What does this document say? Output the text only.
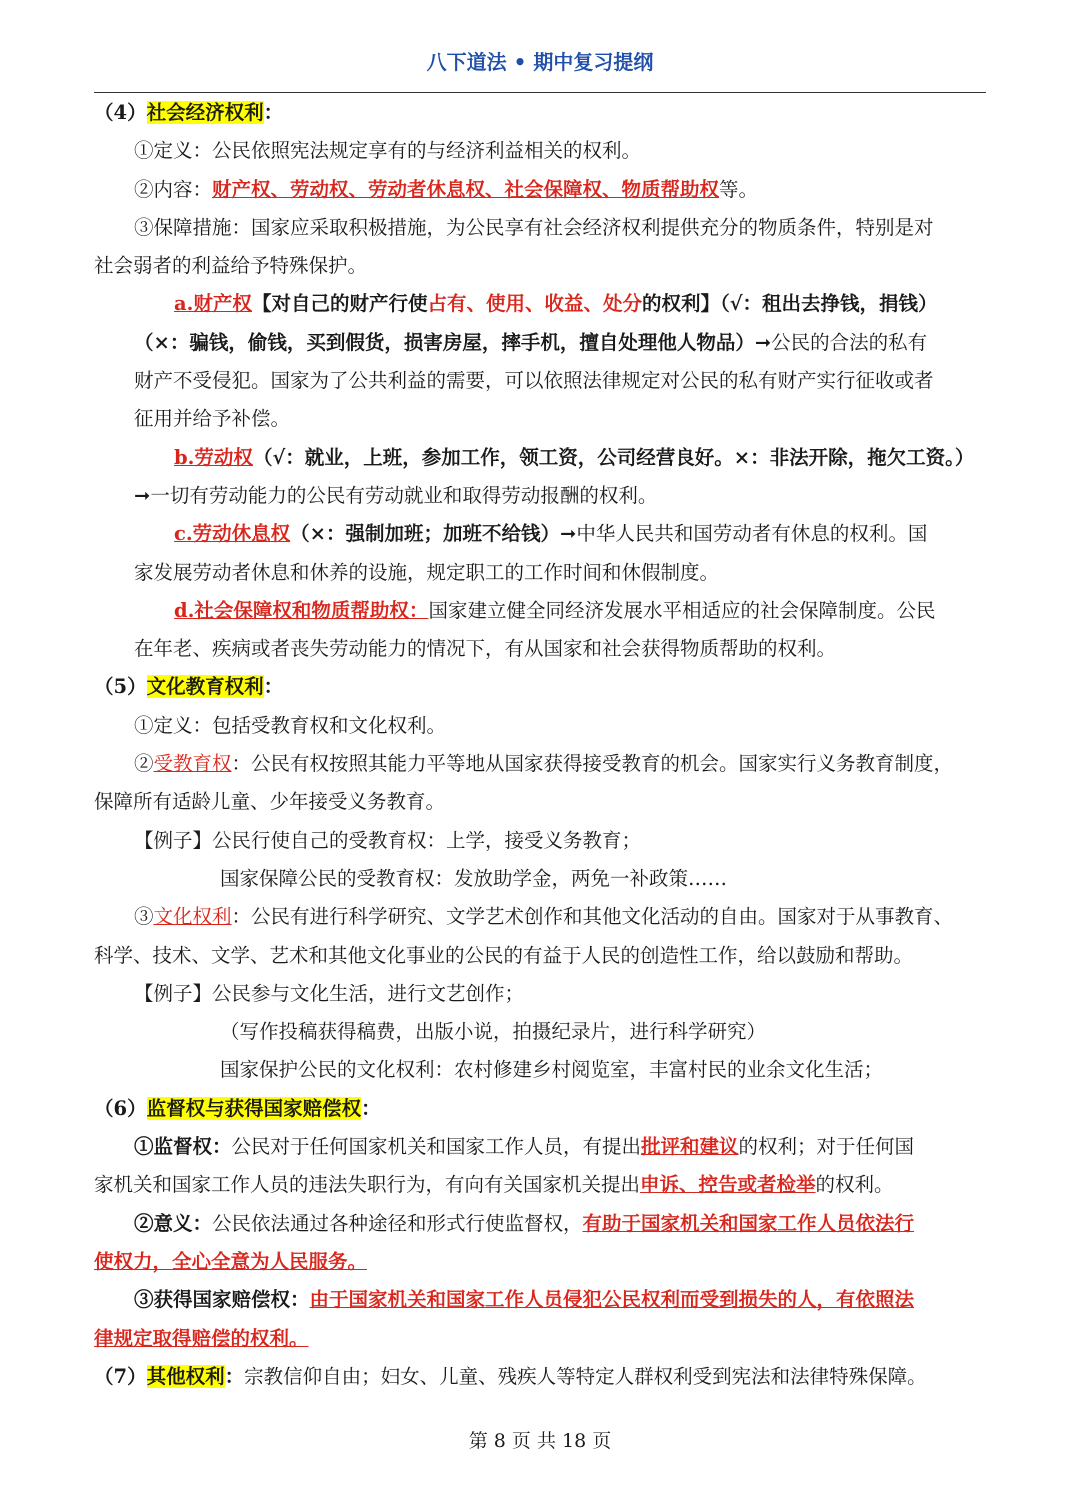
八下道法 • 期中复习提纲
（4）社会经济权利：
①定义：公民依照宪法规定享有的与经济利益相关的权利。
②内容：财产权、劳动权、劳动者休息权、社会保障权、物质帮助权等。
③保障措施：国家应采取积极措施，为公民享有社会经济权利提供充分的物质条件，特别是对
社会弱者的利益给予特殊保护。
a.财产权【对自己的财产行使占有、使用、收益、处分的权利】（√：租出去挣钱，捐钱）
（×：骗钱，偷钱，买到假货，损害房屋，摔手机，擅自处理他人物品）➞公民的合法的私有
财产不受侵犯。国家为了公共利益的需要，可以依照法律规定对公民的私有财产实行征收或者
征用并给予补偿。
b.劳动权（√：就业，上班，参加工作，领工资，公司经营良好。×：非法开除，拖欠工资。）
➞一切有劳动能力的公民有劳动就业和取得劳动报酬的权利。
c.劳动休息权（×：强制加班；加班不给钱）➞中华人民共和国劳动者有休息的权利。国
家发展劳动者休息和休养的设施，规定职工的工作时间和休假制度。
d.社会保障权和物质帮助权：国家建立健全同经济发展水平相适应的社会保障制度。公民
在年老、疾病或者丧失劳动能力的情况下，有从国家和社会获得物质帮助的权利。
（5）文化教育权利：
①定义：包括受教育权和文化权利。
②受教育权：公民有权按照其能力平等地从国家获得接受教育的机会。国家实行义务教育制度，
保障所有适龄儿童、少年接受义务教育。
【例子】公民行使自己的受教育权：上学，接受义务教育；
国家保障公民的受教育权：发放助学金，两免一补政策……
③文化权利：公民有进行科学研究、文学艺术创作和其他文化活动的自由。国家对于从事教育、
科学、技术、文学、艺术和其他文化事业的公民的有益于人民的创造性工作，给以鼓励和帮助。
【例子】公民参与文化生活，进行文艺创作；
（写作投稿获得稿费，出版小说，拍摄纪录片，进行科学研究）
国家保护公民的文化权利：农村修建乡村阅览室，丰富村民的业余文化生活；
（6）监督权与获得国家赔偿权：
①监督权：公民对于任何国家机关和国家工作人员，有提出批评和建议的权利；对于任何国
家机关和国家工作人员的违法失职行为，有向有关国家机关提出申诉、控告或者检举的权利。
②意义：公民依法通过各种途径和形式行使监督权，有助于国家机关和国家工作人员依法行
使权力，全心全意为人民服务。
③获得国家赔偿权：由于国家机关和国家工作人员侵犯公民权利而受到损失的人，有依照法
律规定取得赔偿的权利。
（7）其他权利：宗教信仰自由；妇女、儿童、残疾人等特定人群权利受到宪法和法律特殊保障。
第 8 页 共 18 页
